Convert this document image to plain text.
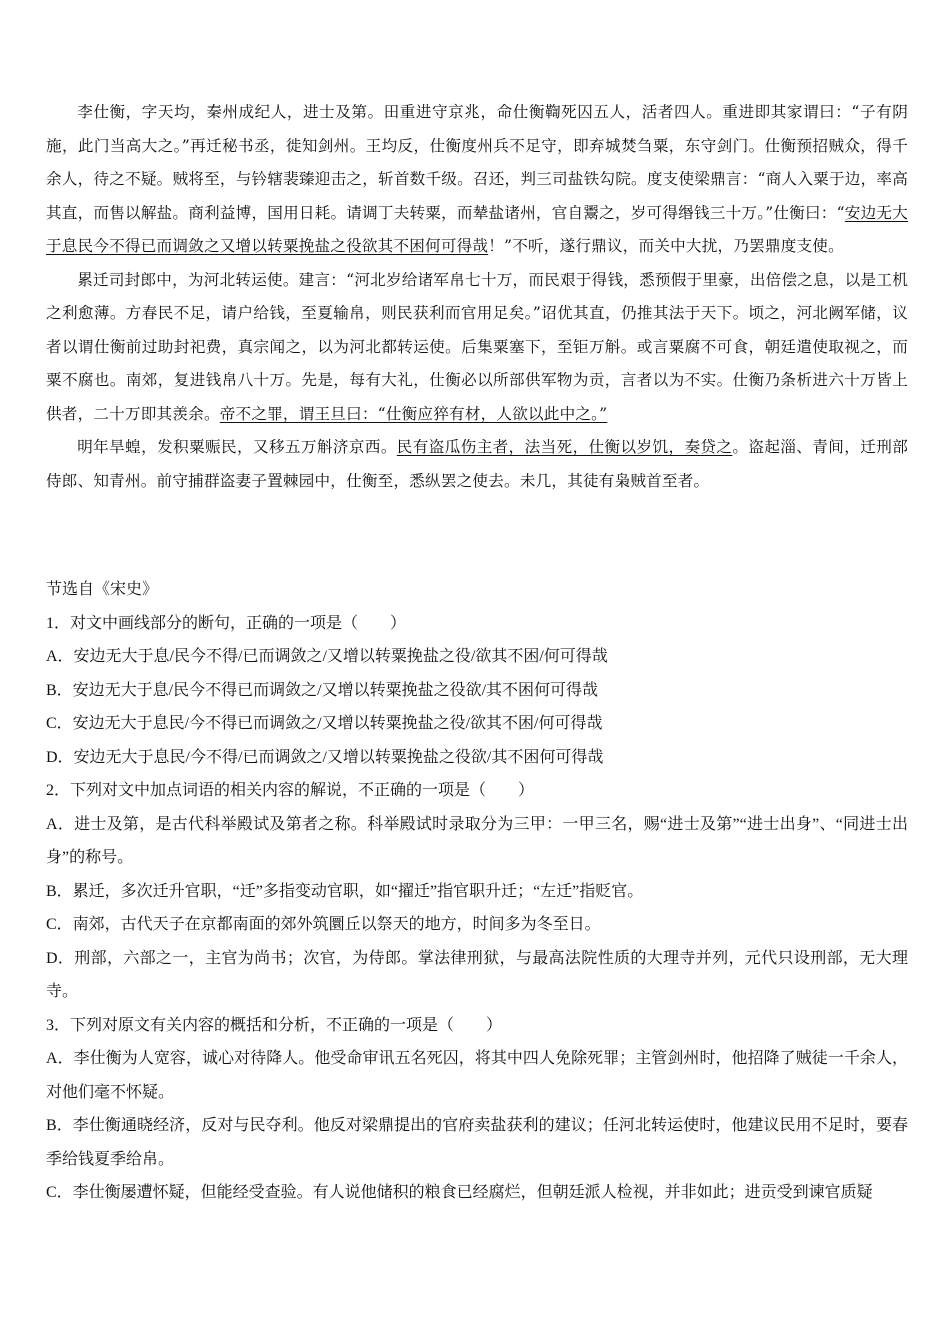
李仕衡，字天均，秦州成纪人，进士及第。田重进守京兆，命仕衡鞫死囚五人，活者四人。重进即其家谓曰：“子有阴施，此门当高大之。”再迁秘书丞，徙知剑州。王均反，仕衡度州兵不足守，即弃城焚刍粟，东守剑门。仕衡预招贼众，得千余人，待之不疑。贼将至，与钤辖裴臻迎击之，斩首数千级。召还，判三司盐铁勾院。度支使梁鼎言：“商人入粟于边，率高其直，而售以解盐。商利益博，国用日耗。请调丁夫转粟，而辇盐诸州，官自鬻之，岁可得缗钱三十万。”仕衡曰：“安边无大于息民今不得已而调敛之又增以转粟挽盐之役欲其不困何可得哉！”不听，遂行鼎议，而关中大扰，乃罢鼎度支使。

累迁司封郎中，为河北转运使。建言：“河北岁给诸军帛七十万，而民艰于得钱，悉预假于里豪，出倍偿之息，以是工机之利愈薄。方春民不足，请户给钱，至夏输帛，则民获利而官用足矣。”诏优其直，仍推其法于天下。顷之，河北阙军储，议者以谓仕衡前过助封祀费，真宗闻之，以为河北都转运使。后集粟塞下，至钜万斛。或言粟腐不可食，朝廷遣使取视之，而粟不腐也。南郊，复进钱帛八十万。先是，每有大礼，仕衡必以所部供军物为贡，言者以为不实。仕衡乃条析进六十万皆上供者，二十万即其羡余。帝不之罪，谓王旦曰：“仕衡应猝有材，人欲以此中之。”

明年旱蝗，发积粟赈民，又移五万斛济京西。民有盗瓜伤主者，法当死，仕衡以岁饥，奏贷之。盗起淄、青间，迁刑部侍郎、知青州。前守捕群盗妻子置棘园中，仕衡至，悉纵罢之使去。未几，其徒有枭贼首至者。

节选自《宋史》
1．对文中画线部分的断句，正确的一项是（　　）
A．安边无大于息/民今不得/已而调敛之/又增以转粟挽盐之役/欲其不困/何可得哉
B．安边无大于息/民今不得已而调敛之/又增以转粟挽盐之役欲/其不困何可得哉
C．安边无大于息民/今不得已而调敛之/又增以转粟挽盐之役/欲其不困/何可得哉
D．安边无大于息民/今不得/已而调敛之/又增以转粟挽盐之役欲/其不困何可得哉
2．下列对文中加点词语的相关内容的解说，不正确的一项是（　　）
A．进士及第，是古代科举殿试及第者之称。科举殿试时录取分为三甲：一甲三名，赐“进士及第”“进士出身”、“同进士出身”的称号。
B．累迁，多次迁升官职，“迁”多指变动官职，如“擢迁”指官职升迁；“左迁”指贬官。
C．南郊，古代天子在京都南面的郊外筑圜丘以祭天的地方，时间多为冬至日。
D．刑部，六部之一，主官为尚书；次官，为侍郎。掌法律刑狱，与最高法院性质的大理寺并列，元代只设刑部，无大理寺。
3．下列对原文有关内容的概括和分析，不正确的一项是（　　）
A．李仕衡为人宽容，诚心对待降人。他受命审讯五名死囚，将其中四人免除死罪；主管剑州时，他招降了贼徒一千余人，对他们毫不怀疑。
B．李仕衡通晓经济，反对与民夺利。他反对梁鼎提出的官府卖盐获利的建议；任河北转运使时，他建议民用不足时，要春季给钱夏季给帛。
C．李仕衡屡遭怀疑，但能经受查验。有人说他储积的粮食已经腐烂，但朝廷派人检视，并非如此；进贡受到谏官质疑
